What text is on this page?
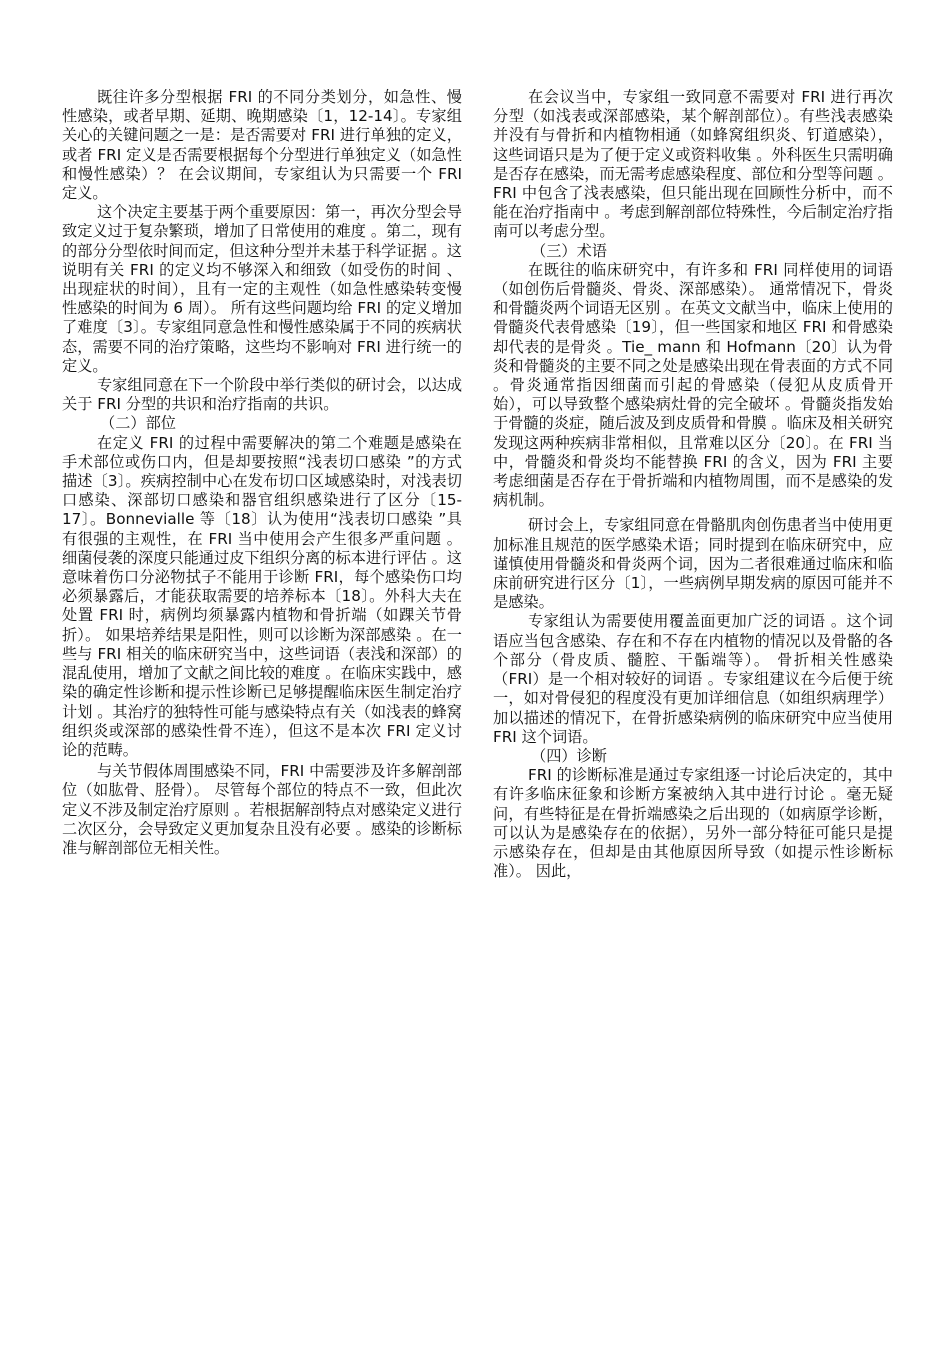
既往许多分型根据 FRI 的不同分类划分，如急性、慢性感染，或者早期、延期、晚期感染〔1，12-14〕。专家组关心的关键问题之一是：是否需要对 FRI 进行单独的定义，或者 FRI 定义是否需要根据每个分型进行单独定义（如急性和慢性感染）？ 在会议期间，专家组认为只需要一个 FRI 定义。

这个决定主要基于两个重要原因：第一，再次分型会导致定义过于复杂繁琐，增加了日常使用的难度 。第二，现有的部分分型依时间而定，但这种分型并未基于科学证据 。这说明有关 FRI 的定义均不够深入和细致（如受伤的时间 、出现症状的时间），且有一定的主观性（如急性感染转变慢性感染的时间为 6 周）。 所有这些问题均给 FRI 的定义增加了难度〔3〕。专家组同意急性和慢性感染属于不同的疾病状态，需要不同的治疗策略，这些均不影响对 FRI 进行统一的定义。

专家组同意在下一个阶段中举行类似的研讨会，以达成关于 FRI 分型的共识和治疗指南的共识。

（二）部位

在定义 FRI 的过程中需要解决的第二个难题是感染在手术部位或伤口内，但是却要按照“浅表切口感染 ”的方式描述〔3〕。疾病控制中心在发布切口区域感染时，对浅表切口感染、深部切口感染和器官组织感染进行了区分〔15-17〕。Bonnevialle 等〔18〕认为使用“浅表切口感染 ”具有很强的主观性，在 FRI 当中使用会产生很多严重问题 。细菌侵袭的深度只能通过皮下组织分离的标本进行评估 。这意味着伤口分泌物拭子不能用于诊断 FRI，每个感染伤口均必须暴露后，才能获取需要的培养标本〔18〕。外科大夫在处置 FRI 时，病例均须暴露内植物和骨折端（如踝关节骨折）。 如果培养结果是阳性，则可以诊断为深部感染 。在一些与 FRI 相关的临床研究当中，这些词语（表浅和深部）的混乱使用，增加了文献之间比较的难度 。在临床实践中，感染的确定性诊断和提示性诊断已足够提醒临床医生制定治疗计划 。其治疗的独特性可能与感染特点有关（如浅表的蜂窝组织炎或深部的感染性骨不连），但这不是本次 FRI 定义讨论的范畴。

与关节假体周围感染不同，FRI 中需要涉及许多解剖部位（如肱骨、胫骨）。 尽管每个部位的特点不一致，但此次定义不涉及制定治疗原则 。若根据解剖特点对感染定义进行二次区分，会导致定义更加复杂且没有必要 。感染的诊断标准与解剖部位无相关性。

在会议当中，专家组一致同意不需要对 FRI 进行再次分型（如浅表或深部感染，某个解剖部位）。有些浅表感染并没有与骨折和内植物相通（如蜂窝组织炎、钉道感染），这些词语只是为了便于定义或资料收集 。外科医生只需明确是否存在感染，而无需考虑感染程度、部位和分型等问题 。FRI 中包含了浅表感染，但只能出现在回顾性分析中，而不能在治疗指南中 。考虑到解剖部位特殊性，今后制定治疗指南可以考虑分型。

（三）术语

在既往的临床研究中，有许多和 FRI 同样使用的词语（如创伤后骨髓炎、骨炎、深部感染）。 通常情况下，骨炎和骨髓炎两个词语无区别 。在英文文献当中，临床上使用的骨髓炎代表骨感染〔19〕，但一些国家和地区 FRI 和骨感染却代表的是骨炎 。Tie_ mann 和 Hofmann〔20〕认为骨炎和骨髓炎的主要不同之处是感染出现在骨表面的方式不同 。骨炎通常指因细菌而引起的骨感染（侵犯从皮质骨开始），可以导致整个感染病灶骨的完全破坏 。骨髓炎指发始于骨髓的炎症，随后波及到皮质骨和骨膜 。临床及相关研究发现这两种疾病非常相似，且常难以区分〔20〕。在 FRI 当中，骨髓炎和骨炎均不能替换 FRI 的含义，因为 FRI 主要考虑细菌是否存在于骨折端和内植物周围，而不是感染的发病机制。

研讨会上，专家组同意在骨骼肌肉创伤患者当中使用更加标准且规范的医学感染术语；同时提到在临床研究中，应谨慎使用骨髓炎和骨炎两个词，因为二者很难通过临床和临床前研究进行区分〔1〕，一些病例早期发病的原因可能并不是感染。

专家组认为需要使用覆盖面更加广泛的词语 。这个词语应当包含感染、存在和不存在内植物的情况以及骨骼的各个部分（骨皮质、髓腔、干骺端等）。 骨折相关性感染（FRI）是一个相对较好的词语 。专家组建议在今后便于统一，如对骨侵犯的程度没有更加详细信息（如组织病理学）加以描述的情况下，在骨折感染病例的临床研究中应当使用 FRI 这个词语。

（四）诊断

FRI 的诊断标准是通过专家组逐一讨论后决定的，其中有许多临床征象和诊断方案被纳入其中进行讨论 。毫无疑问，有些特征是在骨折端感染之后出现的（如病原学诊断，可以认为是感染存在的依据），另外一部分特征可能只是提示感染存在，但却是由其他原因所导致（如提示性诊断标准）。 因此，
